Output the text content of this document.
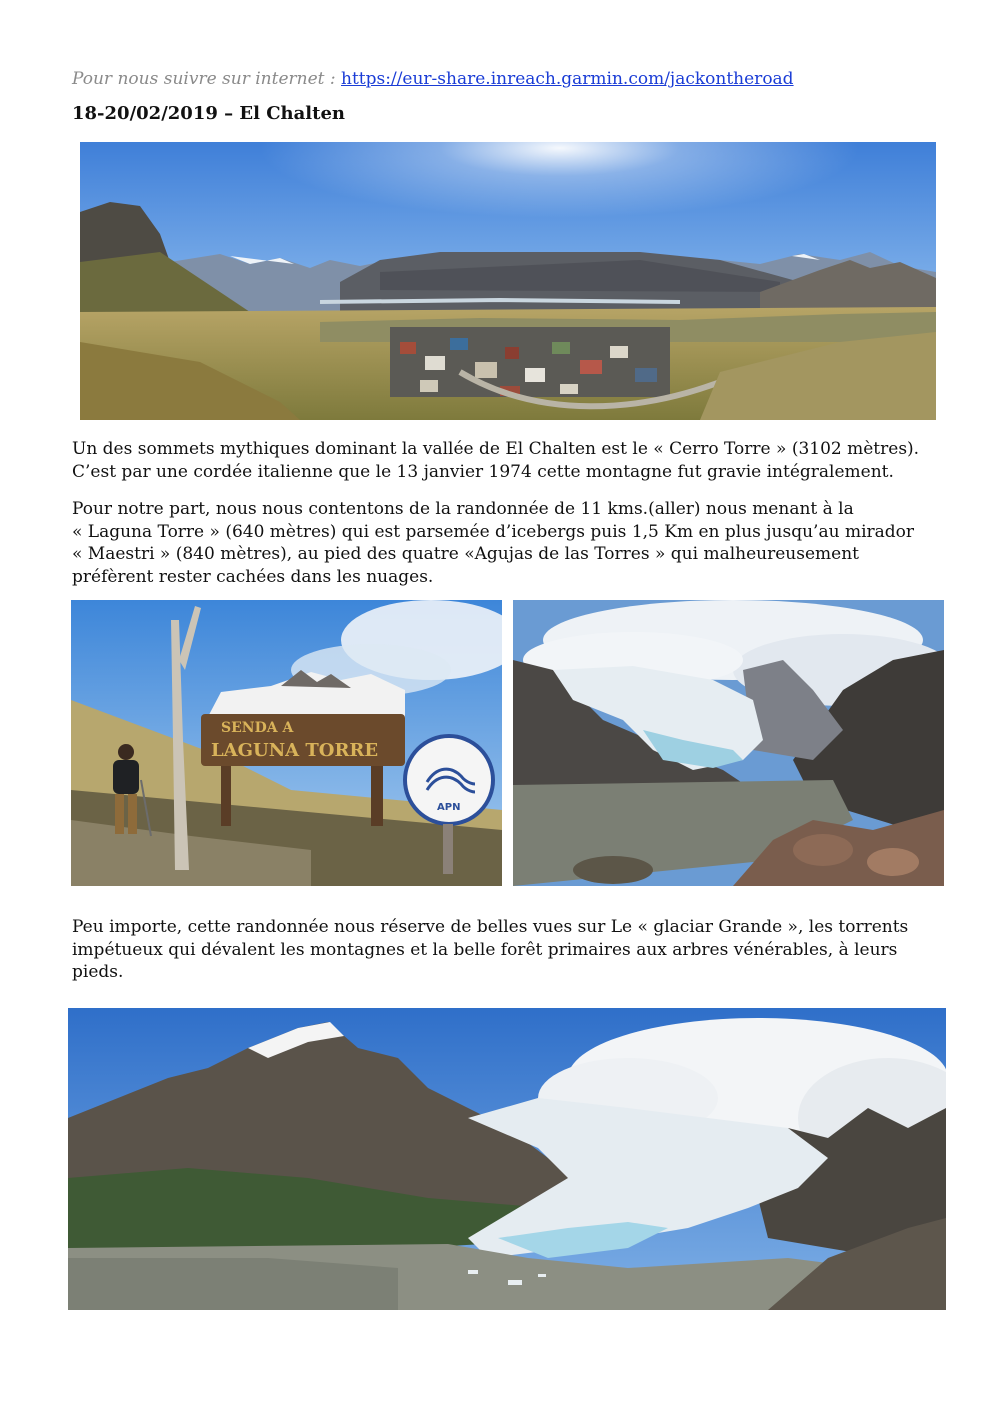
Pour nous suivre sur internet : https://eur-share.inreach.garmin.com/jackontheroad
18-20/02/2019 – El Chalten
Un des sommets mythiques dominant la vallée de El Chalten est le « Cerro Torre » (3102 mètres).
C’est par une cordée italienne que le 13 janvier 1974 cette montagne fut gravie intégralement.
Pour notre part, nous nous contentons de la randonnée de 11 kms.(aller) nous menant à la
« Laguna Torre » (640 mètres) qui est parsemée d’icebergs puis 1,5 Km en plus jusqu’au mirador
« Maestri » (840 mètres), au pied des quatre «Agujas de las Torres » qui malheureusement
préfèrent rester cachées dans les nuages.
SENDA A
LAGUNA TORRE
APN
Peu importe, cette randonnée nous réserve de belles vues sur Le « glaciar Grande », les torrents
impétueux qui dévalent les montagnes et la belle forêt primaires aux arbres vénérables, à leurs
pieds.
